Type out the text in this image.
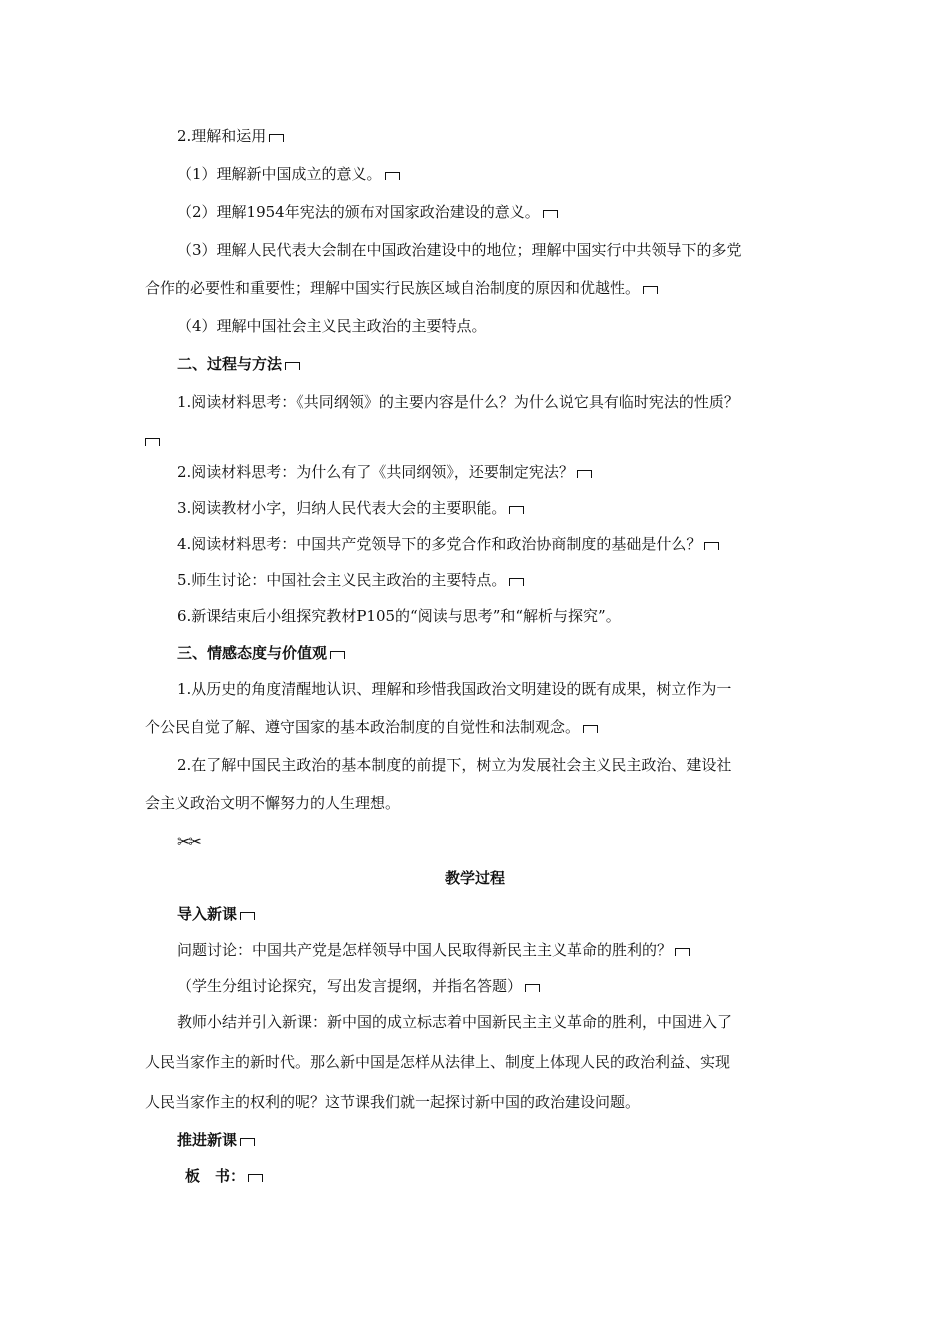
2.理解和运用
（1）理解新中国成立的意义。
（2）理解1954年宪法的颁布对国家政治建设的意义。
（3）理解人民代表大会制在中国政治建设中的地位；理解中国实行中共领导下的多党
合作的必要性和重要性；理解中国实行民族区域自治制度的原因和优越性。
（4）理解中国社会主义民主政治的主要特点。
二、过程与方法
1.阅读材料思考：《共同纲领》的主要内容是什么？为什么说它具有临时宪法的性质？
2.阅读材料思考：为什么有了《共同纲领》，还要制定宪法？
3.阅读教材小字，归纳人民代表大会的主要职能。
4.阅读材料思考：中国共产党领导下的多党合作和政治协商制度的基础是什么？
5.师生讨论：中国社会主义民主政治的主要特点。
6.新课结束后小组探究教材P105的“阅读与思考”和“解析与探究”。
三、情感态度与价值观
1.从历史的角度清醒地认识、理解和珍惜我国政治文明建设的既有成果，树立作为一
个公民自觉了解、遵守国家的基本政治制度的自觉性和法制观念。
2.在了解中国民主政治的基本制度的前提下，树立为发展社会主义民主政治、建设社
会主义政治文明不懈努力的人生理想。
✂✂
教学过程
导入新课
问题讨论：中国共产党是怎样领导中国人民取得新民主主义革命的胜利的？
（学生分组讨论探究，写出发言提纲，并指名答题）
教师小结并引入新课：新中国的成立标志着中国新民主主义革命的胜利，中国进入了
人民当家作主的新时代。那么新中国是怎样从法律上、制度上体现人民的政治利益、实现
人民当家作主的权利的呢？这节课我们就一起探讨新中国的政治建设问题。
推进新课
板　书：
